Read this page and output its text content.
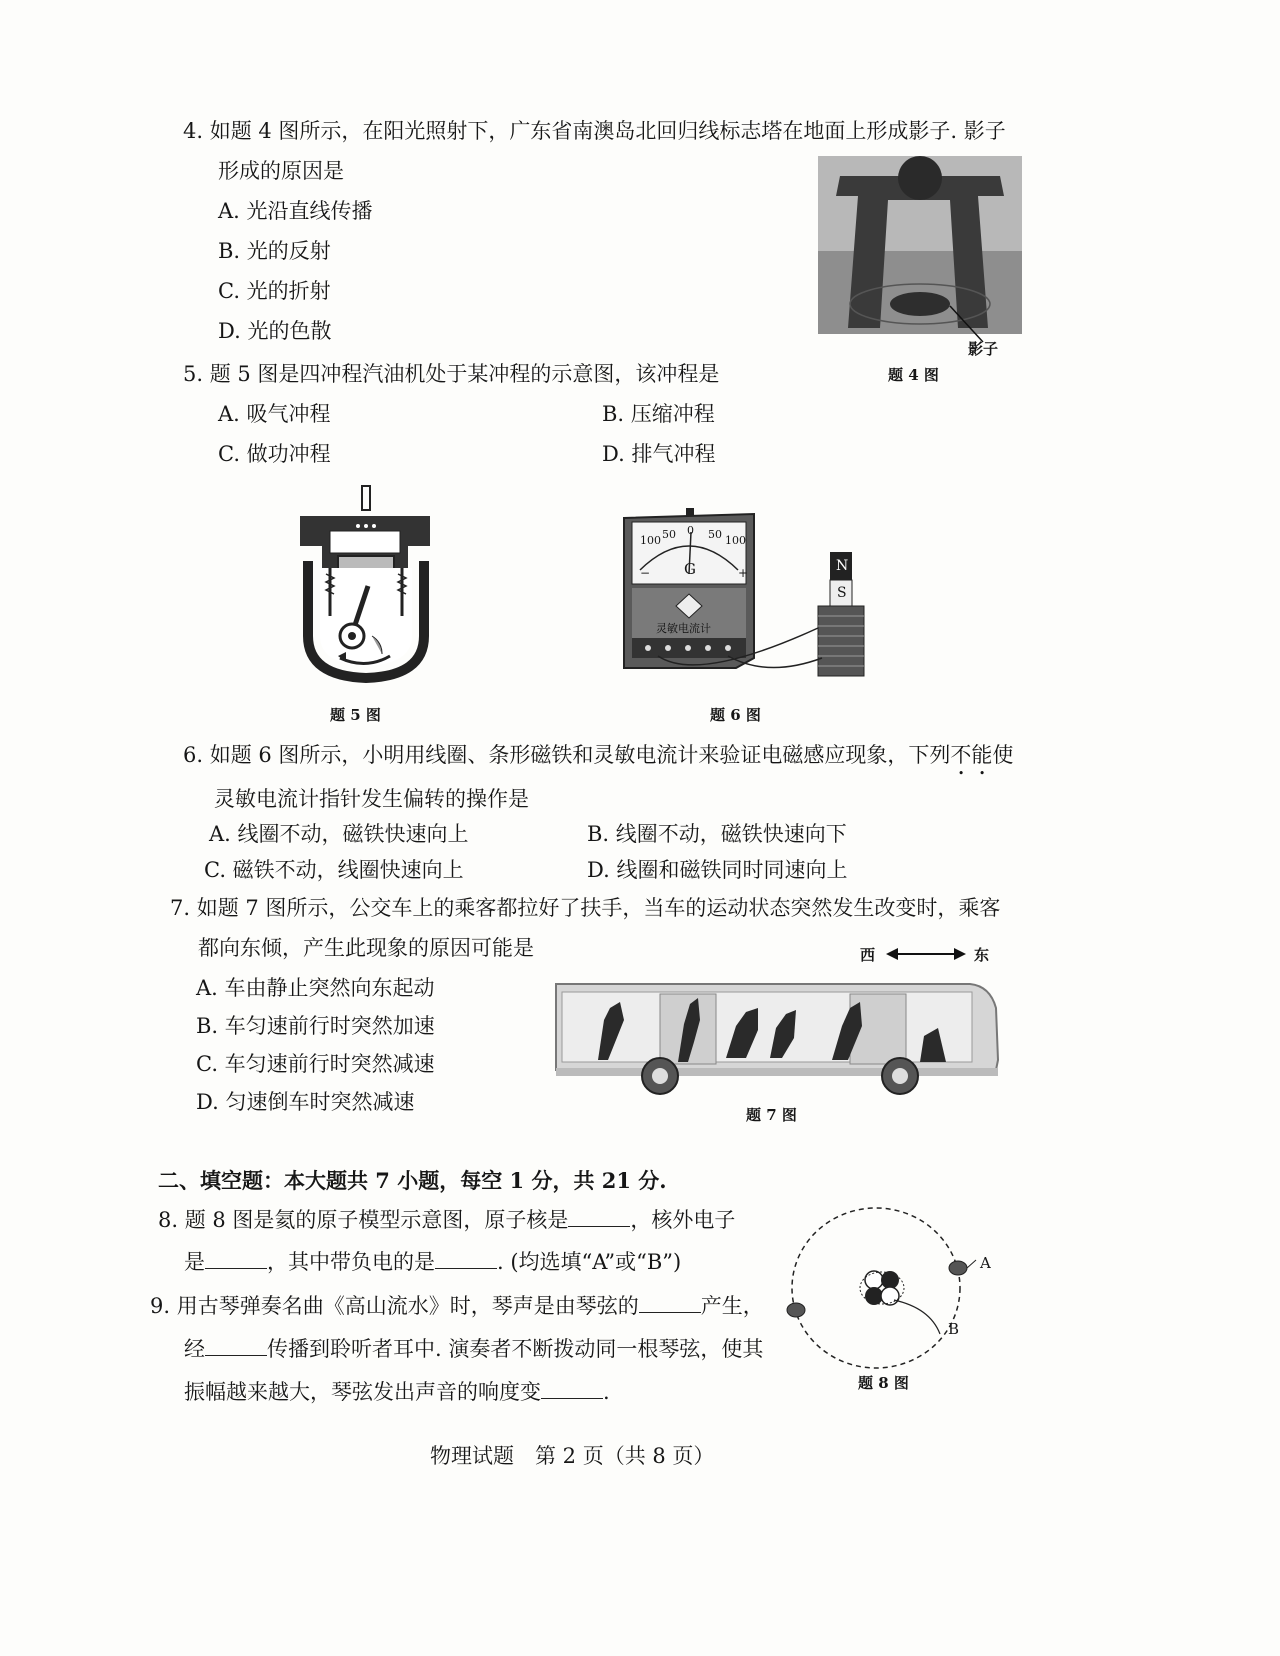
4. 如题 4 图所示，在阳光照射下，广东省南澳岛北回归线标志塔在地面上形成影子. 影子
形成的原因是
A. 光沿直线传播
B. 光的反射
C. 光的折射
D. 光的色散
影子
题 4 图
5. 题 5 图是四冲程汽油机处于某冲程的示意图，该冲程是
A. 吸气冲程	B. 压缩冲程
C. 做功冲程	D. 排气冲程
题 5 图
100 50 0 50 100
−	+
G
灵敏电流计
N
S
题 6 图
6. 如题 6 图所示，小明用线圈、条形磁铁和灵敏电流计来验证电磁感应现象，下列不能使
灵敏电流计指针发生偏转的操作是
A. 线圈不动，磁铁快速向上	B. 线圈不动，磁铁快速向下
C. 磁铁不动，线圈快速向上	D. 线圈和磁铁同时同速向上
7. 如题 7 图所示，公交车上的乘客都拉好了扶手，当车的运动状态突然发生改变时，乘客
都向东倾，产生此现象的原因可能是
A. 车由静止突然向东起动
B. 车匀速前行时突然加速
C. 车匀速前行时突然减速
D. 匀速倒车时突然减速
西	东
题 7 图
二、填空题：本大题共 7 小题，每空 1 分，共 21 分.
8. 题 8 图是氦的原子模型示意图，原子核是	，核外电子
是	，其中带负电的是	. (均选填“A”或“B”)	A
B
题 8 图
9. 用古琴弹奏名曲《高山流水》时，琴声是由琴弦的	产生，
经	传播到聆听者耳中. 演奏者不断拨动同一根琴弦，使其
振幅越来越大，琴弦发出声音的响度变	.
物理试题　第 2 页（共 8 页）
